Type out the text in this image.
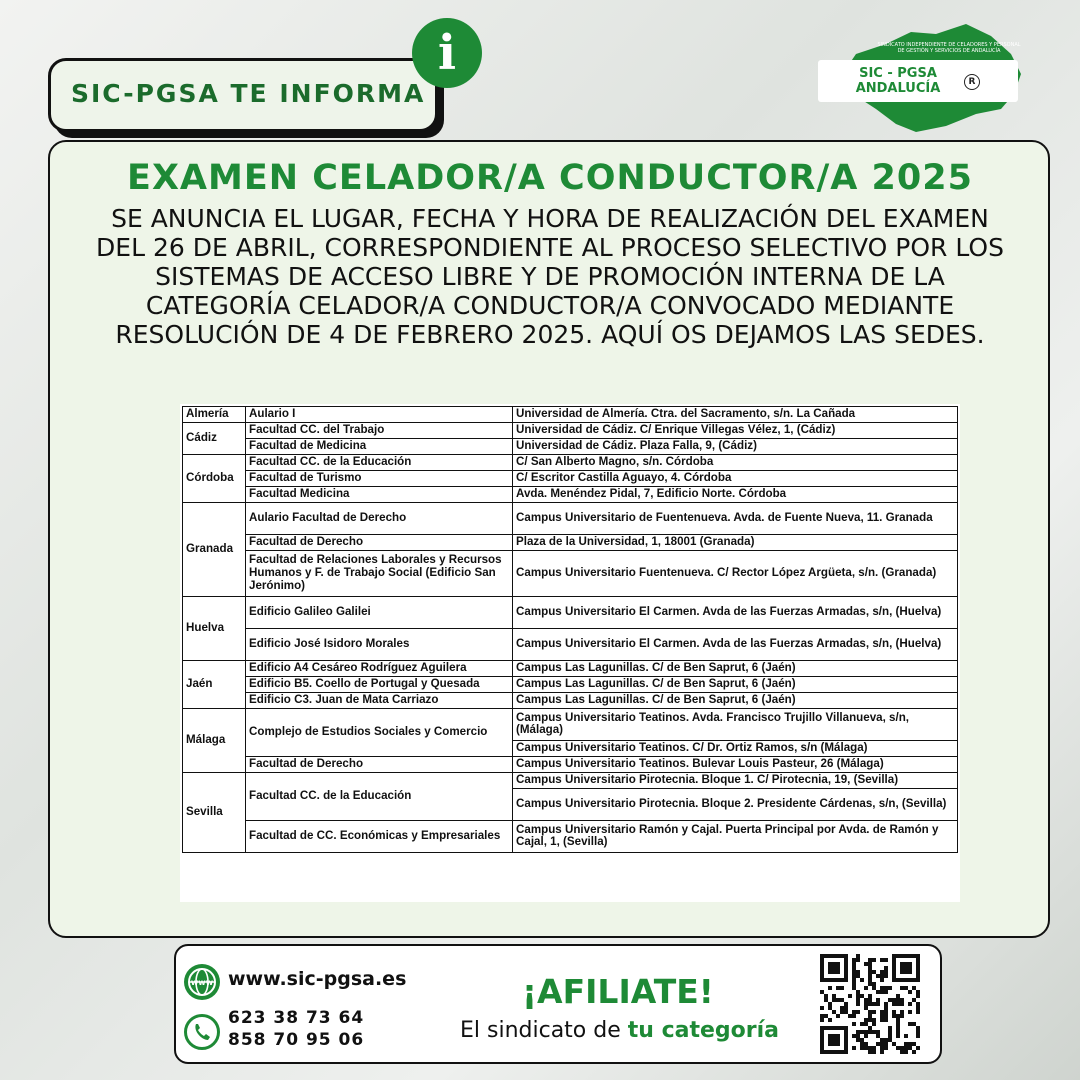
SIC-PGSA TE INFORMA
i	SINDICATO INDEPENDIENTE DE CELADORES Y PERSONAL DE GESTIÓN Y SERVICIOS DE ANDALUCÍA
SIC - PGSA
ANDALUCÍA	R
EXAMEN CELADOR/A CONDUCTOR/A 2025
SE ANUNCIA EL LUGAR, FECHA Y HORA DE REALIZACIÓN DEL EXAMEN DEL 26 DE ABRIL, CORRESPONDIENTE AL PROCESO SELECTIVO POR LOS SISTEMAS DE ACCESO LIBRE Y DE PROMOCIÓN INTERNA DE LA CATEGORÍA CELADOR/A CONDUCTOR/A CONVOCADO MEDIANTE RESOLUCIÓN DE 4 DE FEBRERO 2025. AQUÍ OS DEJAMOS LAS SEDES.
Almería	Aulario I	Universidad de Almería. Ctra. del Sacramento, s/n. La Cañada
Cádiz	Facultad CC. del Trabajo	Universidad de Cádiz. C/ Enrique Villegas Vélez, 1, (Cádiz)
	Facultad de Medicina	Universidad de Cádiz. Plaza Falla, 9, (Cádiz)
Córdoba	Facultad CC. de la Educación	C/ San Alberto Magno, s/n. Córdoba
	Facultad de Turismo	C/ Escritor Castilla Aguayo, 4. Córdoba
	Facultad Medicina	Avda. Menéndez Pidal, 7, Edificio Norte. Córdoba
Granada	Aulario Facultad de Derecho	Campus Universitario de Fuentenueva. Avda. de Fuente Nueva, 11. Granada
	Facultad de Derecho	Plaza de la Universidad, 1, 18001 (Granada)
	Facultad de Relaciones Laborales y Recursos Humanos y F. de Trabajo Social (Edificio San Jerónimo)	Campus Universitario Fuentenueva. C/ Rector López Argüeta, s/n. (Granada)
Huelva	Edificio Galileo Galilei	Campus Universitario El Carmen. Avda de las Fuerzas Armadas, s/n, (Huelva)
	Edificio José Isidoro Morales	Campus Universitario El Carmen. Avda de las Fuerzas Armadas, s/n, (Huelva)
Jaén	Edificio A4 Cesáreo Rodríguez Aguilera	Campus Las Lagunillas. C/ de Ben Saprut, 6 (Jaén)
	Edificio B5. Coello de Portugal y Quesada	Campus Las Lagunillas. C/ de Ben Saprut, 6 (Jaén)
	Edificio C3. Juan de Mata Carriazo	Campus Las Lagunillas. C/ de Ben Saprut, 6 (Jaén)
Málaga	Complejo de Estudios Sociales y Comercio	Campus Universitario Teatinos. Avda. Francisco Trujillo Villanueva, s/n, (Málaga)
		Campus Universitario Teatinos. C/ Dr. Ortiz Ramos, s/n (Málaga)
	Facultad de Derecho	Campus Universitario Teatinos. Bulevar Louis Pasteur, 26 (Málaga)
Sevilla	Facultad CC. de la Educación	Campus Universitario Pirotecnia. Bloque 1. C/ Pirotecnia, 19, (Sevilla)
		Campus Universitario Pirotecnia. Bloque 2. Presidente Cárdenas, s/n, (Sevilla)
	Facultad de CC. Económicas y Empresariales	Campus Universitario Ramón y Cajal. Puerta Principal por Avda. de Ramón y Cajal, 1, (Sevilla)
www www.sic-pgsa.es
623 38 73 64
858 70 95 06
¡AFILIATE!
El sindicato de tu categoría
